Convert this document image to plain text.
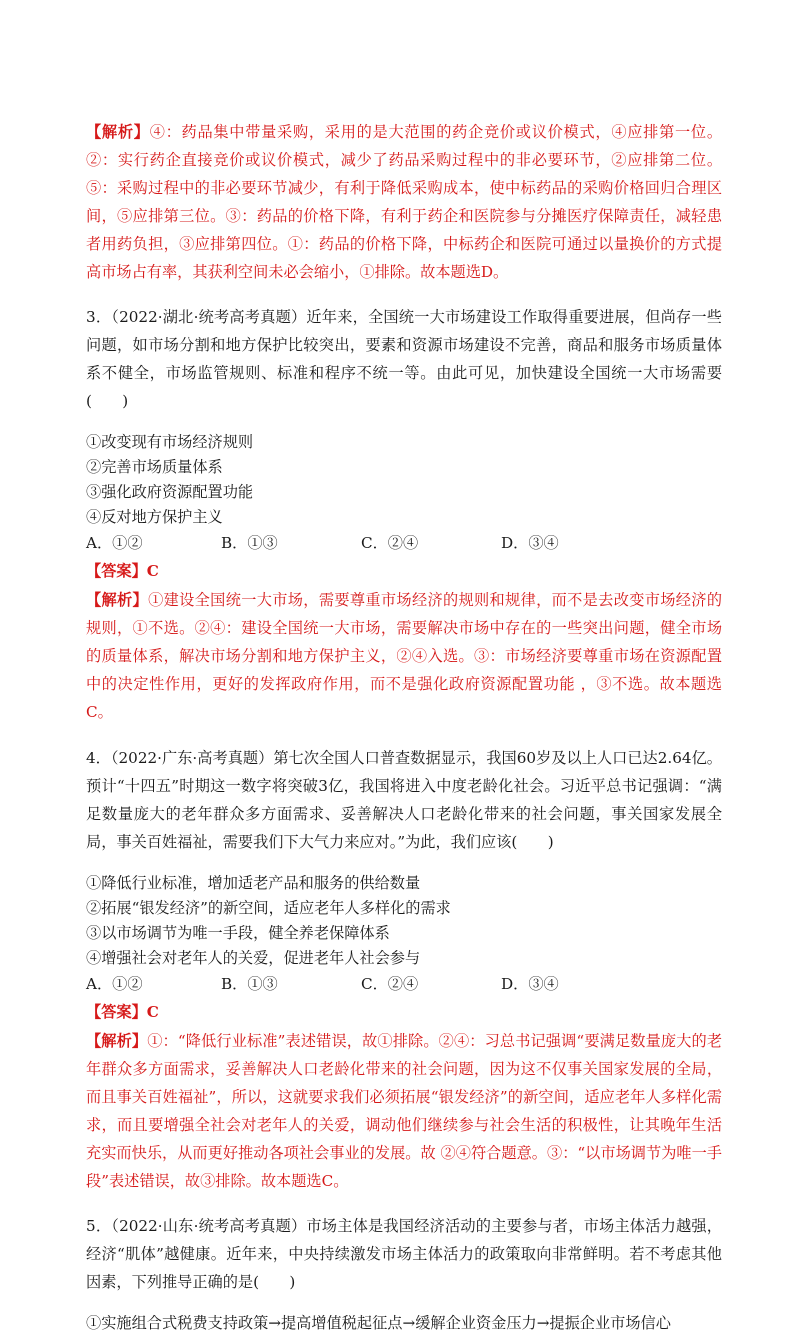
【解析】④：药品集中带量采购，采用的是大范围的药企竞价或议价模式，④应排第一位。②：实行药企直接竞价或议价模式，减少了药品采购过程中的非必要环节，②应排第二位。⑤：采购过程中的非必要环节减少，有利于降低采购成本，使中标药品的采购价格回归合理区间，⑤应排第三位。③：药品的价格下降，有利于药企和医院参与分摊医疗保障责任，减轻患者用药负担，③应排第四位。①：药品的价格下降，中标药企和医院可通过以量换价的方式提高市场占有率，其获利空间未必会缩小，①排除。故本题选D。

3．（2022·湖北·统考高考真题）近年来，全国统一大市场建设工作取得重要进展，但尚存一些问题，如市场分割和地方保护比较突出，要素和资源市场建设不完善，商品和服务市场质量体系不健全，市场监管规则、标准和程序不统一等。由此可见，加快建设全国统一大市场需要(　　)

①改变现有市场经济规则

②完善市场质量体系

③强化政府资源配置功能

④反对地方保护主义

A．①②	B．①③	C．②④	D．③④
【答案】C

【解析】①建设全国统一大市场，需要尊重市场经济的规则和规律，而不是去改变市场经济的规则，①不选。②④：建设全国统一大市场，需要解决市场中存在的一些突出问题，健全市场的质量体系，解决市场分割和地方保护主义，②④入选。③：市场经济要尊重市场在资源配置中的决定性作用，更好的发挥政府作用，而不是强化政府资源配置功能 ，③不选。故本题选C。

4．（2022·广东·高考真题）第七次全国人口普查数据显示，我国60岁及以上人口已达2.64亿。预计“十四五”时期这一数字将突破3亿，我国将进入中度老龄化社会。习近平总书记强调：“满足数量庞大的老年群众多方面需求、妥善解决人口老龄化带来的社会问题，事关国家发展全局，事关百姓福祉，需要我们下大气力来应对。”为此，我们应该(　　)

①降低行业标准，增加适老产品和服务的供给数量

②拓展“银发经济”的新空间，适应老年人多样化的需求

③以市场调节为唯一手段，健全养老保障体系

④增强社会对老年人的关爱，促进老年人社会参与

A．①②	B．①③	C．②④	D．③④
【答案】C

【解析】①：“降低行业标准”表述错误，故①排除。②④：习总书记强调“要满足数量庞大的老年群众多方面需求，妥善解决人口老龄化带来的社会问题，因为这不仅事关国家发展的全局，而且事关百姓福祉”，所以，这就要求我们必须拓展“银发经济”的新空间，适应老年人多样化需求，而且要增强全社会对老年人的关爱，调动他们继续参与社会生活的积极性，让其晚年生活充实而快乐，从而更好推动各项社会事业的发展。故 ②④符合题意。③：“以市场调节为唯一手段”表述错误，故③排除。故本题选C。

5．（2022·山东·统考高考真题）市场主体是我国经济活动的主要参与者，市场主体活力越强，经济“肌体”越健康。近年来，中央持续激发市场主体活力的政策取向非常鲜明。若不考虑其他因素，下列推导正确的是(　　)

①实施组合式税费支持政策→提高增值税起征点→缓解企业资金压力→提振企业市场信心
